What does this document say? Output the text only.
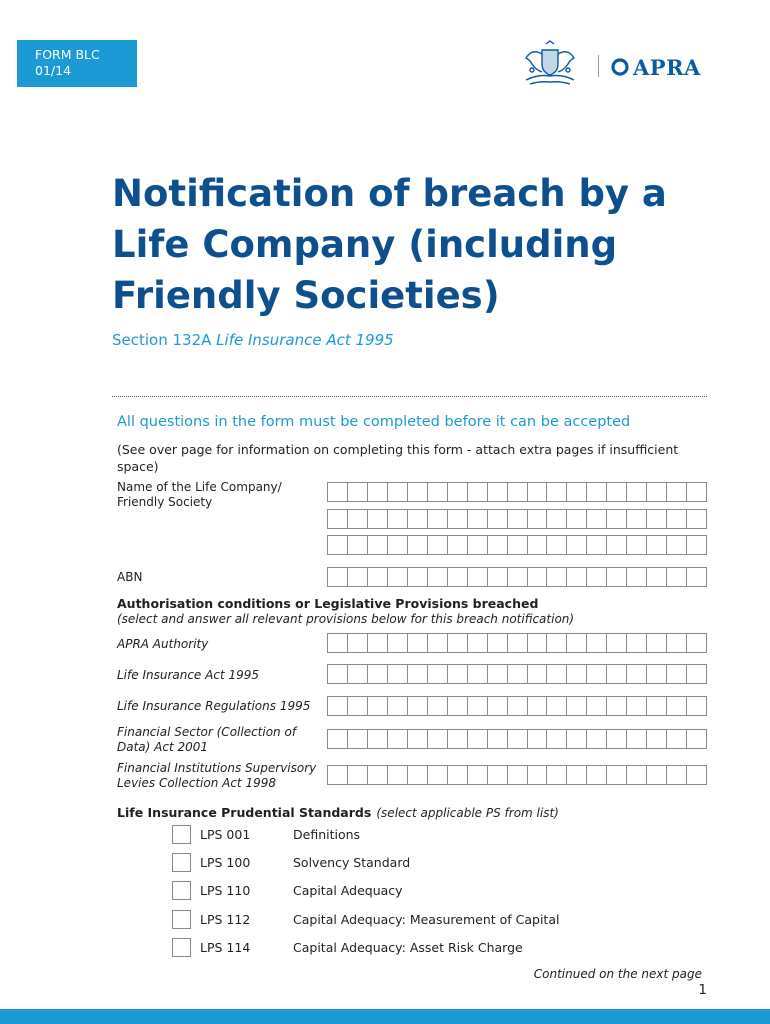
FORM BLC
01/14	APRA
Notification of breach by a
Life Company (including
Friendly Societies)
Section 132A Life Insurance Act 1995
All questions in the form must be completed before it can be accepted
(See over page for information on completing this form - attach extra pages if insufficient space)
Name of the Life Company/ Friendly Society
ABN
Authorisation conditions or Legislative Provisions breached
(select and answer all relevant provisions below for this breach notification)
APRA Authority
Life Insurance Act 1995
Life Insurance Regulations 1995
Financial Sector (Collection of Data) Act 2001
Financial Institutions Supervisory Levies Collection Act 1998
Life Insurance Prudential Standards (select applicable PS from list)
LPS 001	Definitions
LPS 100	Solvency Standard
LPS 110	Capital Adequacy
LPS 112	Capital Adequacy: Measurement of Capital
LPS 114	Capital Adequacy: Asset Risk Charge
Continued on the next page
1
